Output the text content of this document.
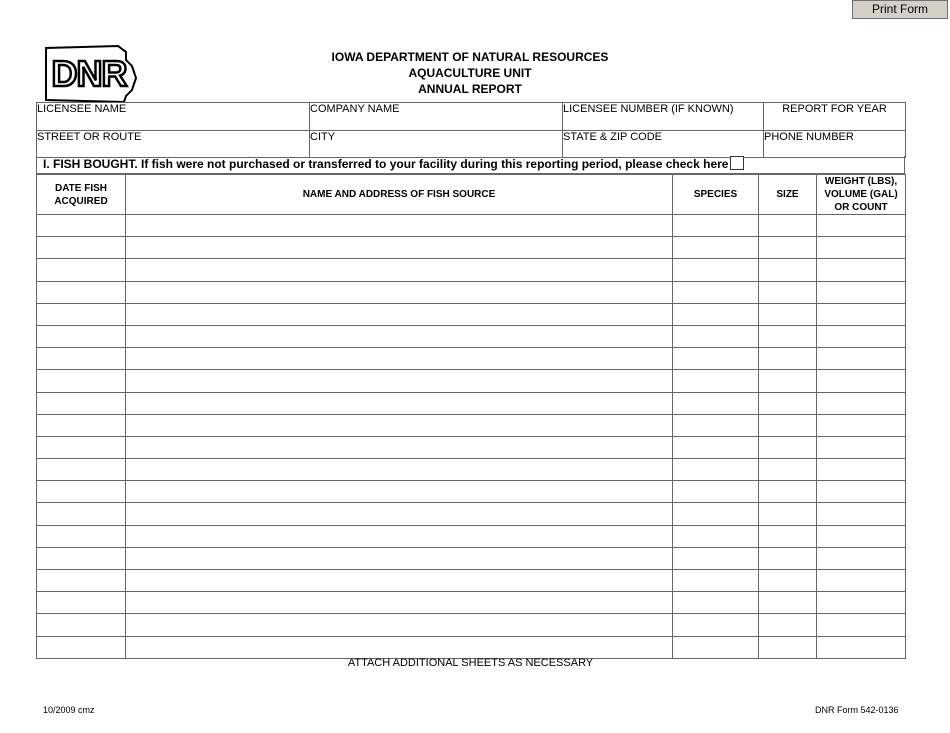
Print Form
DNR	IOWA DEPARTMENT OF NATURAL RESOURCES
AQUACULTURE UNIT
ANNUAL REPORT
LICENSEE NAME	COMPANY NAME	LICENSEE NUMBER (IF KNOWN)	REPORT FOR YEAR
STREET OR ROUTE	CITY	STATE & ZIP CODE	PHONE NUMBER
I. FISH BOUGHT. If fish were not purchased or transferred to your facility during this reporting period, please check here
DATE FISH
ACQUIRED	NAME AND ADDRESS OF FISH SOURCE	SPECIES	SIZE	WEIGHT (LBS),
VOLUME (GAL)
OR COUNT

ATTACH ADDITIONAL SHEETS AS NECESSARY
10/2009 cmz	DNR Form 542-0136
